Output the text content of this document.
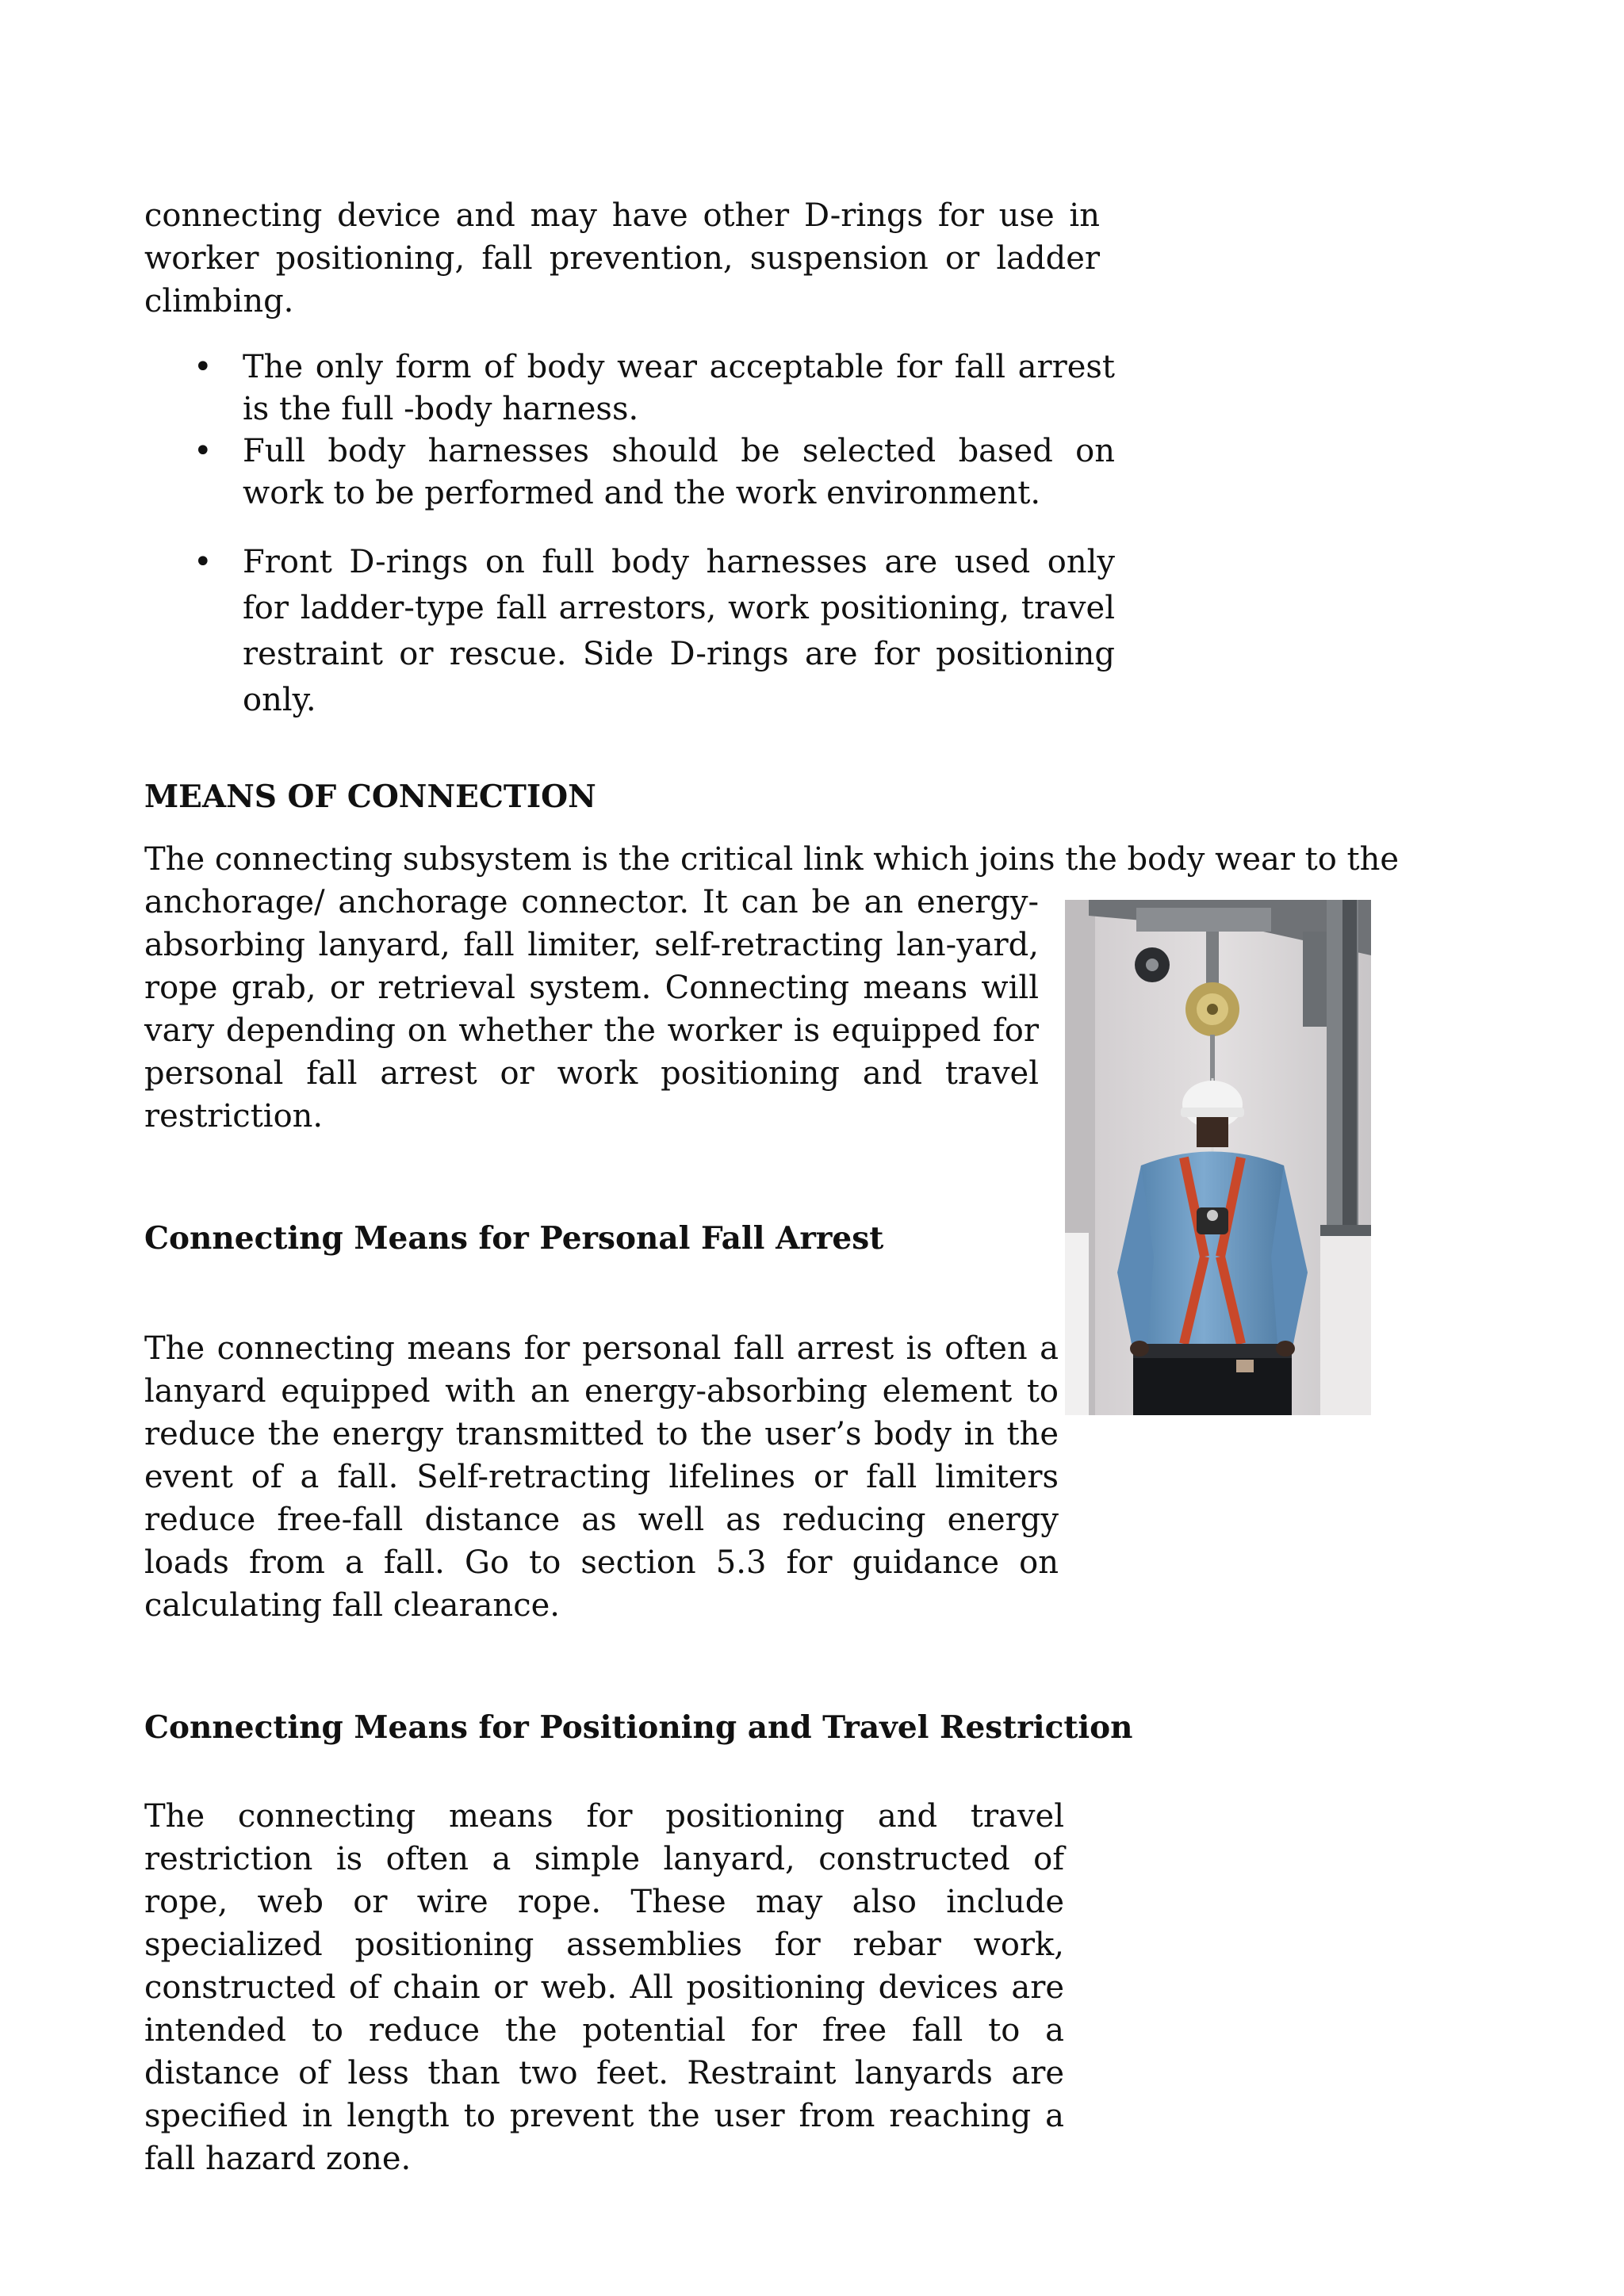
connecting device and may have other D-rings for use in worker positioning, fall prevention, suspension or ladder climbing.

• The only form of body wear acceptable for fall arrest is the full -body harness.
• Full body harnesses should be selected based on work to be performed and the work environment.
• Front D-rings on full body harnesses are used only for ladder-type fall arrestors, work positioning, travel restraint or rescue. Side D-rings are for positioning only.
MEANS OF CONNECTION

The connecting subsystem is the critical link which joins the body wear to the

anchorage/ anchorage connector. It can be an energy-absorbing lanyard, fall limiter, self-retracting lan-yard, rope grab, or retrieval system. Connecting means will vary depending on whether the worker is equipped for personal fall arrest or work positioning and travel restriction.

Connecting Means for Personal Fall Arrest

The connecting means for personal fall arrest is often a lanyard equipped with an energy-absorbing element to reduce the energy transmitted to the user’s body in the event of a fall. Self-retracting lifelines or fall limiters reduce free-fall distance as well as reducing energy loads from a fall. Go to section 5.3 for guidance on calculating fall clearance.

Connecting Means for Positioning and Travel Restriction

The connecting means for positioning and travel restriction is often a simple lanyard, constructed of rope, web or wire rope. These may also include specialized positioning assemblies for rebar work, constructed of chain or web. All positioning devices are intended to reduce the potential for free fall to a distance of less than two feet. Restraint lanyards are specified in length to prevent the user from reaching a fall hazard zone.
